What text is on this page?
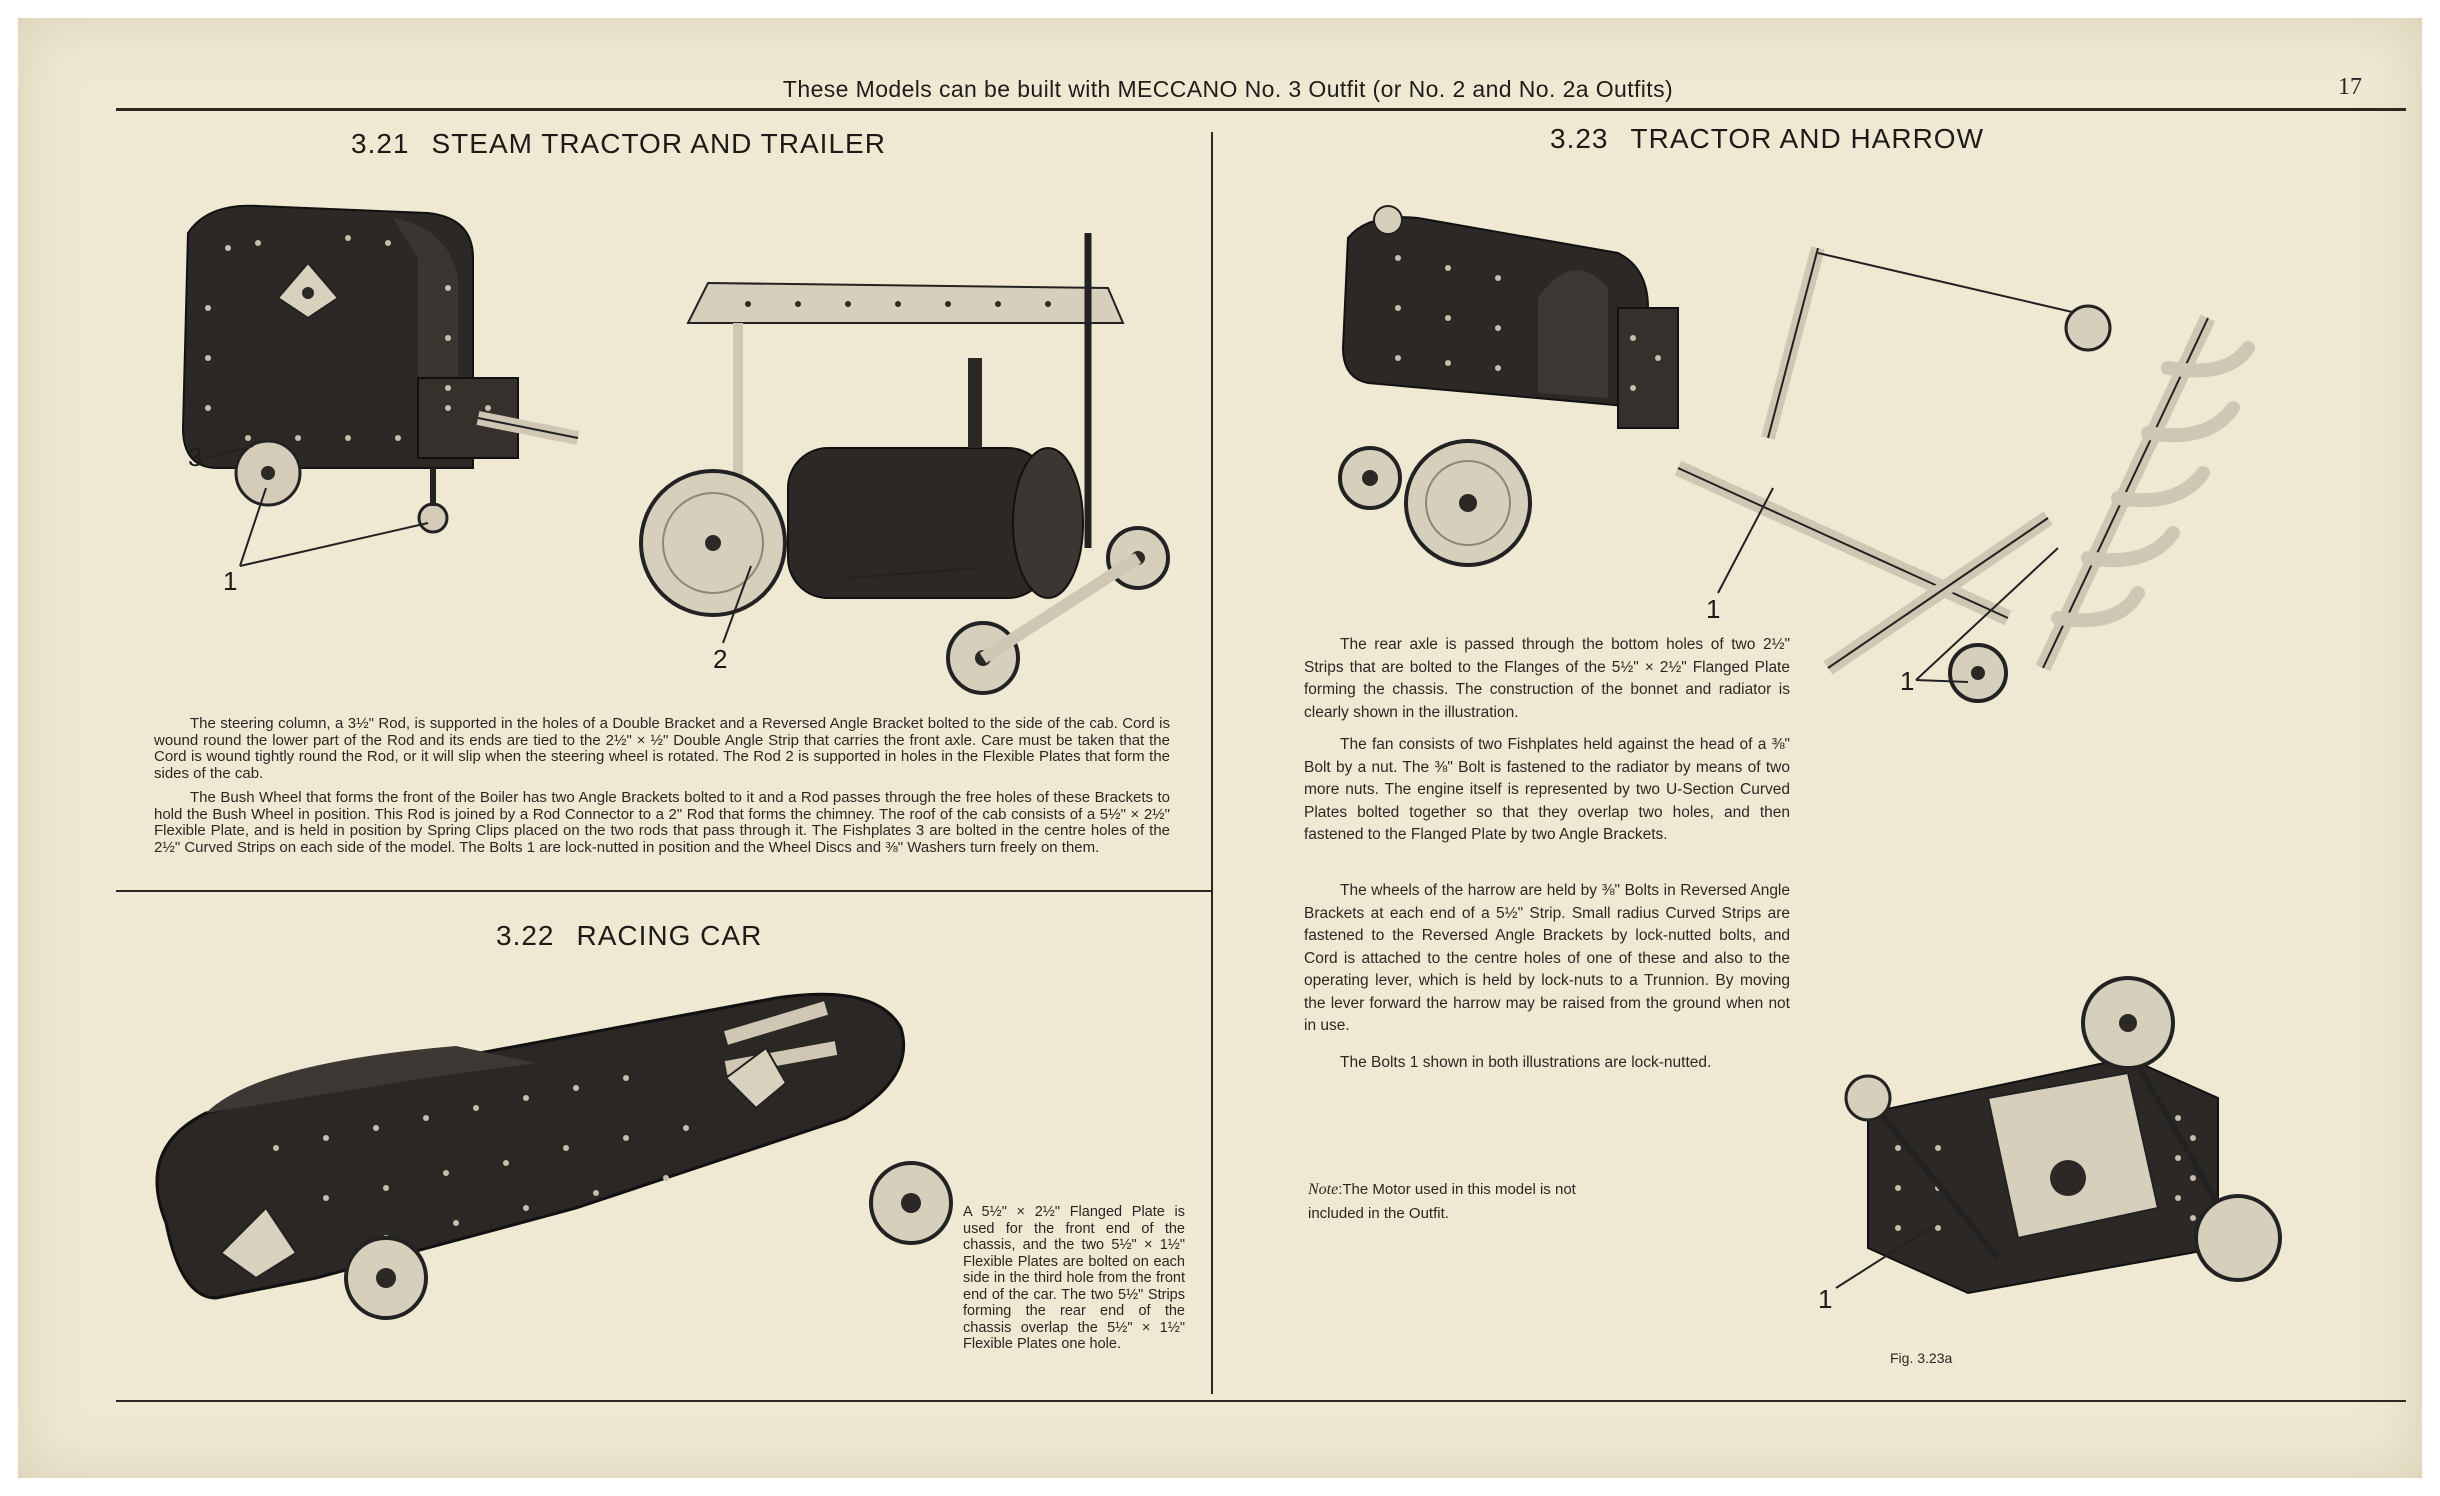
These Models can be built with MECCANO No. 3 Outfit (or No. 2 and No. 2a Outfits)	17
3.21 STEAM TRACTOR AND TRAILER
3
1
2

The steering column, a 3½" Rod, is supported in the holes of a Double Bracket and a Reversed Angle Bracket bolted to the side of the cab. Cord is wound round the lower part of the Rod and its ends are tied to the 2½" × ½" Double Angle Strip that carries the front axle. Care must be taken that the Cord is wound tightly round the Rod, or it will slip when the steering wheel is rotated. The Rod 2 is supported in holes in the Flexible Plates that form the sides of the cab.

The Bush Wheel that forms the front of the Boiler has two Angle Brackets bolted to it and a Rod passes through the free holes of these Brackets to hold the Bush Wheel in position. This Rod is joined by a Rod Connector to a 2" Rod that forms the chimney. The roof of the cab consists of a 5½" × 2½" Flexible Plate, and is held in position by Spring Clips placed on the two rods that pass through it. The Fishplates 3 are bolted in the centre holes of the 2½" Curved Strips on each side of the model. The Bolts 1 are lock-nutted in position and the Wheel Discs and ⅜" Washers turn freely on them.

3.22 RACING CAR

A 5½" × 2½" Flanged Plate is used for the front end of the chassis, and the two 5½" × 1½" Flexible Plates are bolted on each side in the third hole from the front end of the car. The two 5½" Strips forming the rear end of the chassis overlap the 5½" × 1½" Flexible Plates one hole.

3.23 TRACTOR AND HARROW
1
1

The rear axle is passed through the bottom holes of two 2½" Strips that are bolted to the Flanges of the 5½" × 2½" Flanged Plate forming the chassis. The construction of the bonnet and radiator is clearly shown in the illustration.

The fan consists of two Fishplates held against the head of a ⅜" Bolt by a nut. The ⅜" Bolt is fastened to the radiator by means of two more nuts. The engine itself is represented by two U-Section Curved Plates bolted together so that they overlap two holes, and then fastened to the Flanged Plate by two Angle Brackets.

The wheels of the harrow are held by ⅜" Bolts in Reversed Angle Brackets at each end of a 5½" Strip. Small radius Curved Strips are fastened to the Reversed Angle Brackets by lock-nutted bolts, and Cord is attached to the centre holes of one of these and also to the operating lever, which is held by lock-nuts to a Trunnion. By moving the lever forward the harrow may be raised from the ground when not in use.

The Bolts 1 shown in both illustrations are lock-nutted.

Note:The Motor used in this model is not included in the Outfit.
1
Fig. 3.23a
